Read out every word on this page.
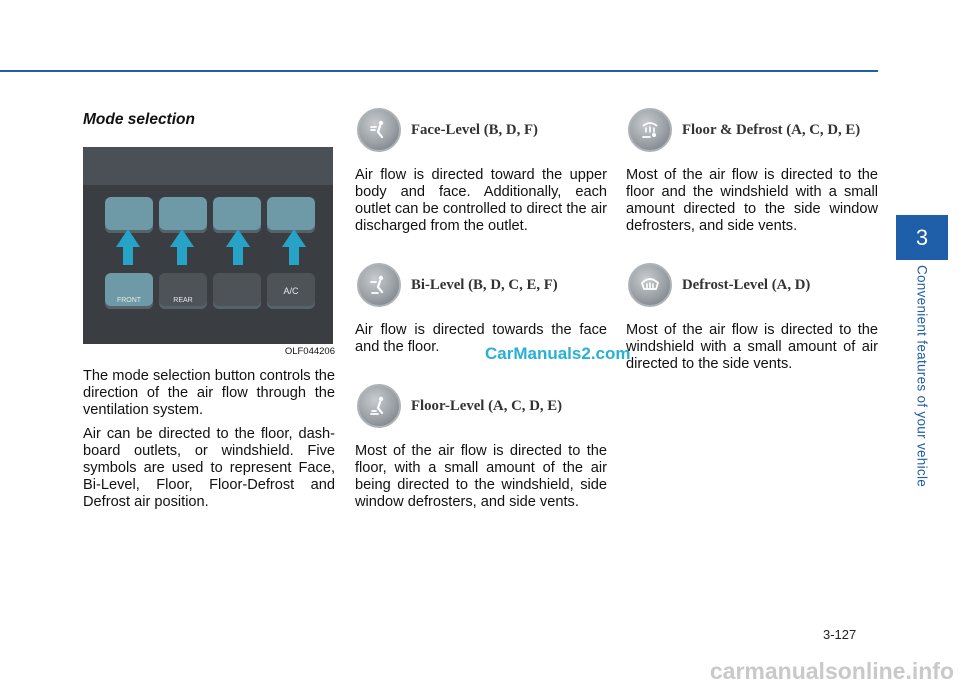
3
Convenient features of your vehicle
Mode selection
FRONT	REAR
A/C
OLF044206

The mode selection button controls the direction of the air flow through the ventilation system.

Air can be directed to the floor, dash-board outlets, or windshield. Five symbols are used to represent Face, Bi-Level, Floor, Floor-Defrost and Defrost air position.

Face-Level (B, D, F)

Air flow is directed toward the upper body and face. Additionally, each outlet can be controlled to direct the air discharged from the outlet.

Bi-Level (B, D, C, E, F)

Air flow is directed towards the face and the floor.

Floor-Level (A, C, D, E)

Most of the air flow is directed to the floor, with a small amount of the air being directed to the windshield, side window defrosters, and side vents.

Floor & Defrost (A, C, D, E)

Most of the air flow is directed to the floor and the windshield with a small amount directed to the side window defrosters, and side vents.

Defrost-Level (A, D)

Most of the air flow is directed to the windshield with a small amount of air directed to the side vents.

CarManuals2.com
3-127
carmanualsonline.info
